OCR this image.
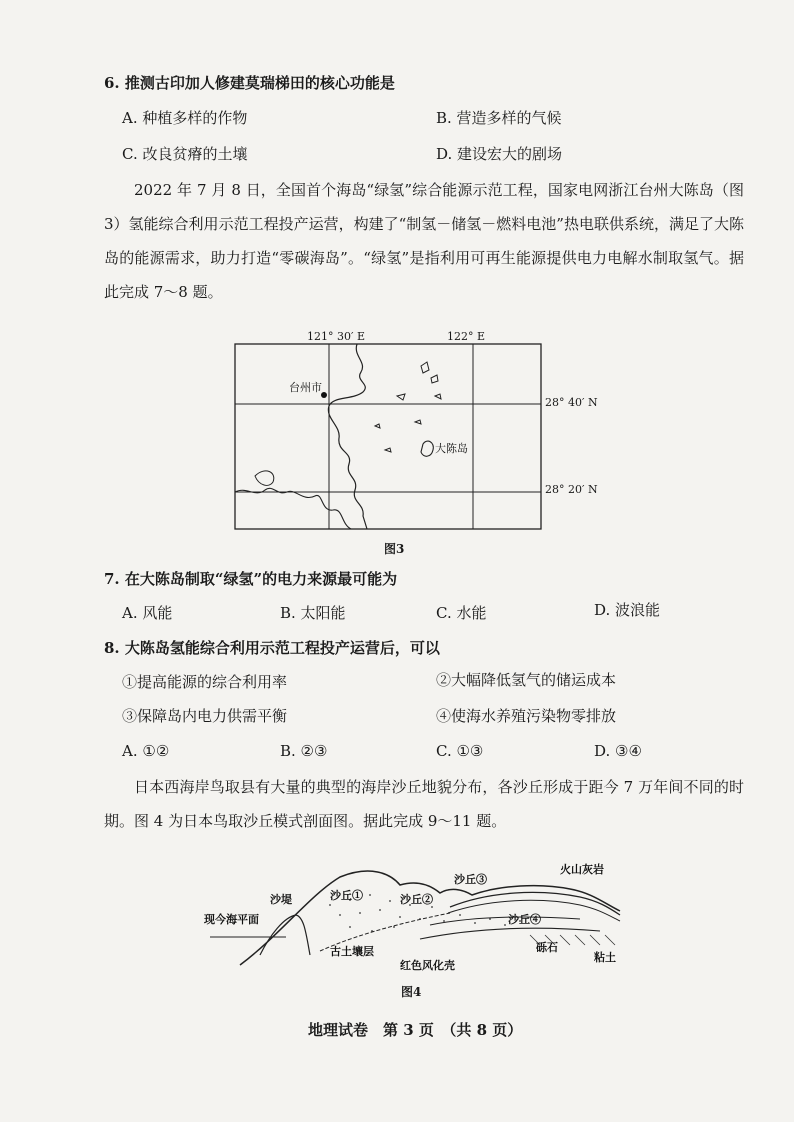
6. 推测古印加人修建莫瑞梯田的核心功能是
A. 种植多样的作物	B. 营造多样的气候
C. 改良贫瘠的土壤	D. 建设宏大的剧场
2022 年 7 月 8 日，全国首个海岛“绿氢”综合能源示范工程，国家电网浙江台州大陈岛（图 3）氢能综合利用示范工程投产运营，构建了“制氢－储氢－燃料电池”热电联供系统，满足了大陈岛的能源需求，助力打造“零碳海岛”。“绿氢”是指利用可再生能源提供电力电解水制取氢气。据此完成 7～8 题。
121° 30′ E	122° E
28° 40′ N
28° 20′ N
台州市
大陈岛
图3
7. 在大陈岛制取“绿氢”的电力来源最可能为
A. 风能	B. 太阳能	C. 水能	D. 波浪能
8. 大陈岛氢能综合利用示范工程投产运营后，可以
①提高能源的综合利用率	②大幅降低氢气的储运成本
③保障岛内电力供需平衡	④使海水养殖污染物零排放
A. ①②	B. ②③	C. ①③	D. ③④
日本西海岸鸟取县有大量的典型的海岸沙丘地貌分布，各沙丘形成于距今 7 万年间不同的时期。图 4 为日本鸟取沙丘模式剖面图。据此完成 9～11 题。
沙堤
现今海平面
沙丘①	沙丘②
沙丘③
沙丘④
火山灰岩
古土壤层
红色风化壳
砾石
粘土
图4
地理试卷　第 3 页　（共 8 页）
